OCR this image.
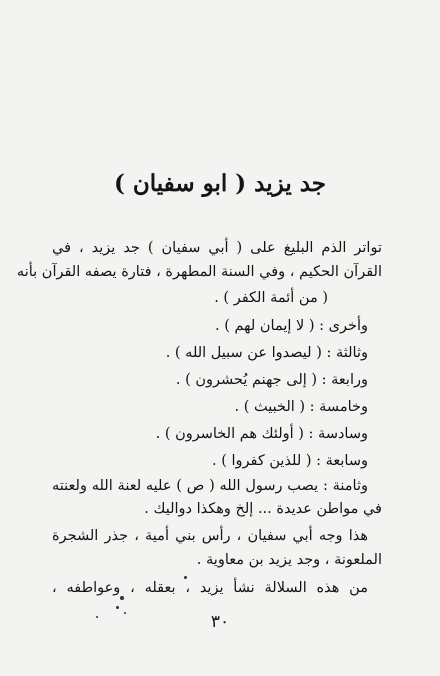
جد يزيد ( ابو سفيان )
تواتر الذم البليغ على ( أبي سفيان ) جد يزيد ، في
القرآن الحكيم ، وفي السنة المطهرة ، فتارة يصفه القرآن بأنه
( من أئمة الكفر ) .
وأخرى : ( لا إيمان لهم ) .
وثالثة : ( ليصدوا عن سبيل الله ) .
ورابعة : ( إلى جهنم يُحشرون ) .
وخامسة : ( الخبيث ) .
وسادسة : ( أولئك هم الخاسرون ) .
وسابعة : ( للذين كفروا ) .
وثامنة : يصب رسول الله ( ص ) عليه لعنة الله ولعنته
في مواطن عديدة ... إلخ وهكذا دواليك .
هذا وجه أبي سفيان ، رأس بني أمية ، جذر الشجرة
الملعونة ، وجد يزيد بن معاوية .
من هذه السلالة نشأ يزيد ، بعقله ، وعواطفه ،
٣٠
